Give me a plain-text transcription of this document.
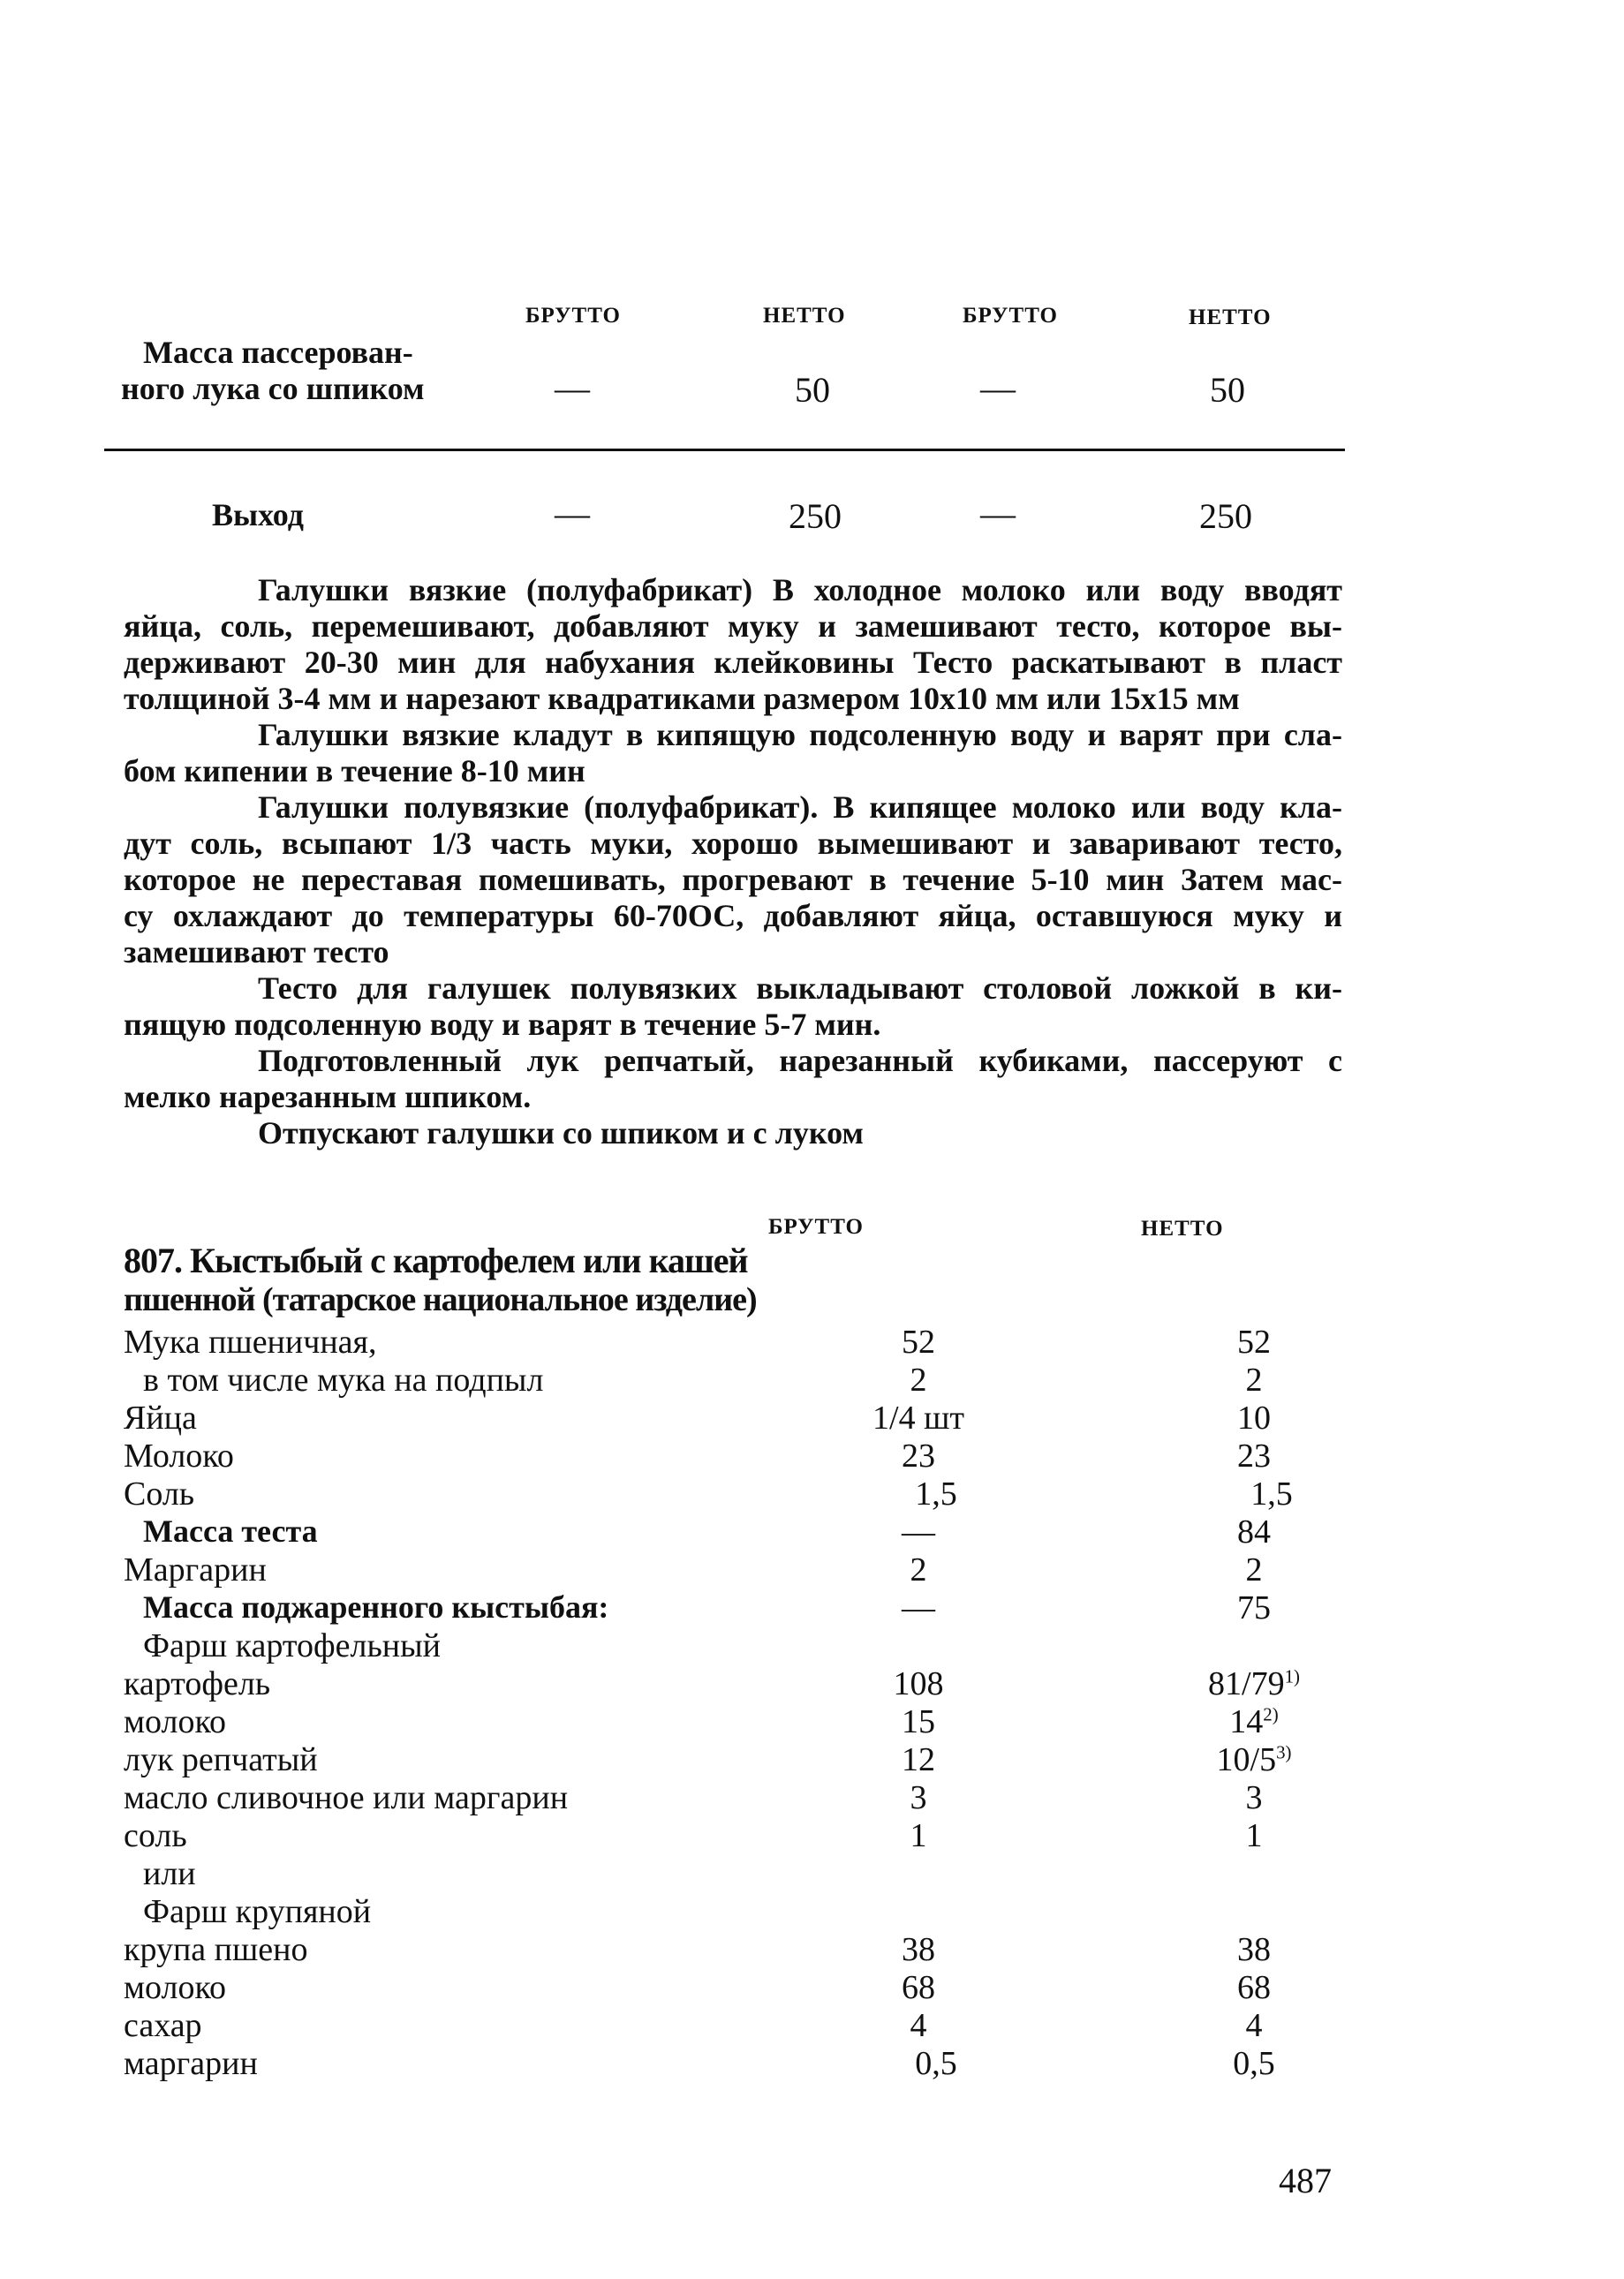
БРУТТО	НЕТТО	БРУТТО	НЕТТО
Масса пассерован-
ного лука со шпиком	—	50	—	50
Выход	—	250	—	250
Галушки вязкие (полуфабрикат) В холодное молоко или воду вводят
яйца, соль, перемешивают, добавляют муку и замешивают тесто, которое вы-
держивают 20-30 мин для набухания клейковины Тесто раскатывают в пласт
толщиной 3-4 мм и нарезают квадратиками размером 10х10 мм или 15х15 мм
Галушки вязкие кладут в кипящую подсоленную воду и варят при сла-
бом кипении в течение 8-10 мин
Галушки полувязкие (полуфабрикат). В кипящее молоко или воду кла-
дут соль, всыпают 1/3 часть муки, хорошо вымешивают и заваривают тесто,
которое не переставая помешивать, прогревают в течение 5-10 мин Затем мас-
су охлаждают до температуры 60-70ОС, добавляют яйца, оставшуюся муку и
замешивают тесто
Тесто для галушек полувязких выкладывают столовой ложкой в ки-
пящую подсоленную воду и варят в течение 5-7 мин.
Подготовленный лук репчатый, нарезанный кубиками, пассеруют с
мелко нарезанным шпиком.
Отпускают галушки со шпиком и с луком
БРУТТО	НЕТТО
807. Кыстыбый с картофелем или кашей
пшенной (татарское национальное изделие)
Мука пшеничная,	52	52
в том числе мука на подпыл	2	2
Яйца	1/4 шт	10
Молоко	23	23
Соль	1,5	1,5
Масса теста	—	84
Маргарин	2	2
Масса поджаренного кыстыбая:	—	75
Фарш картофельный
картофель	108	81/79$^{1)}$
молоко	15	14$^{2)}$
лук репчатый	12	10/5$^{3)}$
масло сливочное или маргарин	3	3
соль	1	1
или
Фарш крупяной
крупа пшено	38	38
молоко	68	68
сахар	4	4
маргарин	0,5	0,5
487
